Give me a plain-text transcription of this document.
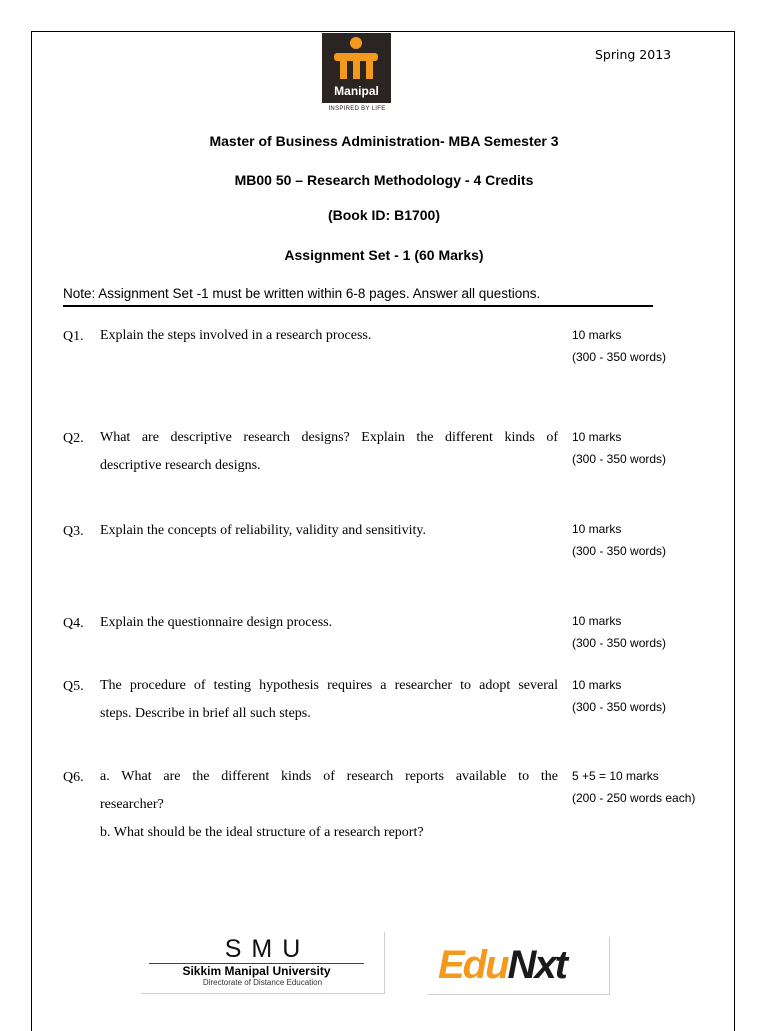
Spring 2013
Manipal
INSPIRED BY LIFE
Master of Business Administration- MBA Semester 3
MB00 50 – Research Methodology - 4 Credits
(Book ID: B1700)
Assignment Set - 1 (60 Marks)
Note: Assignment Set -1 must be written within 6-8 pages. Answer all questions.
Q1. Explain the steps involved in a research process.	10 marks
(300 - 350 words)
Q2. What are descriptive research designs? Explain the different kinds of
descriptive research designs.
10 marks
(300 - 350 words)
Q3. Explain the concepts of reliability, validity and sensitivity.	10 marks
(300 - 350 words)
Q4. Explain the questionnaire design process.	10 marks
(300 - 350 words)
Q5. The procedure of testing hypothesis requires a researcher to adopt several
steps. Describe in brief all such steps.
10 marks
(300 - 350 words)
Q6. a. What are the different kinds of research reports available to the
researcher?
b. What should be the ideal structure of a research report?
5 +5 = 10 marks
(200 - 250 words each)
SMU
Sikkim Manipal University
Directorate of Distance Education	EduNxt
